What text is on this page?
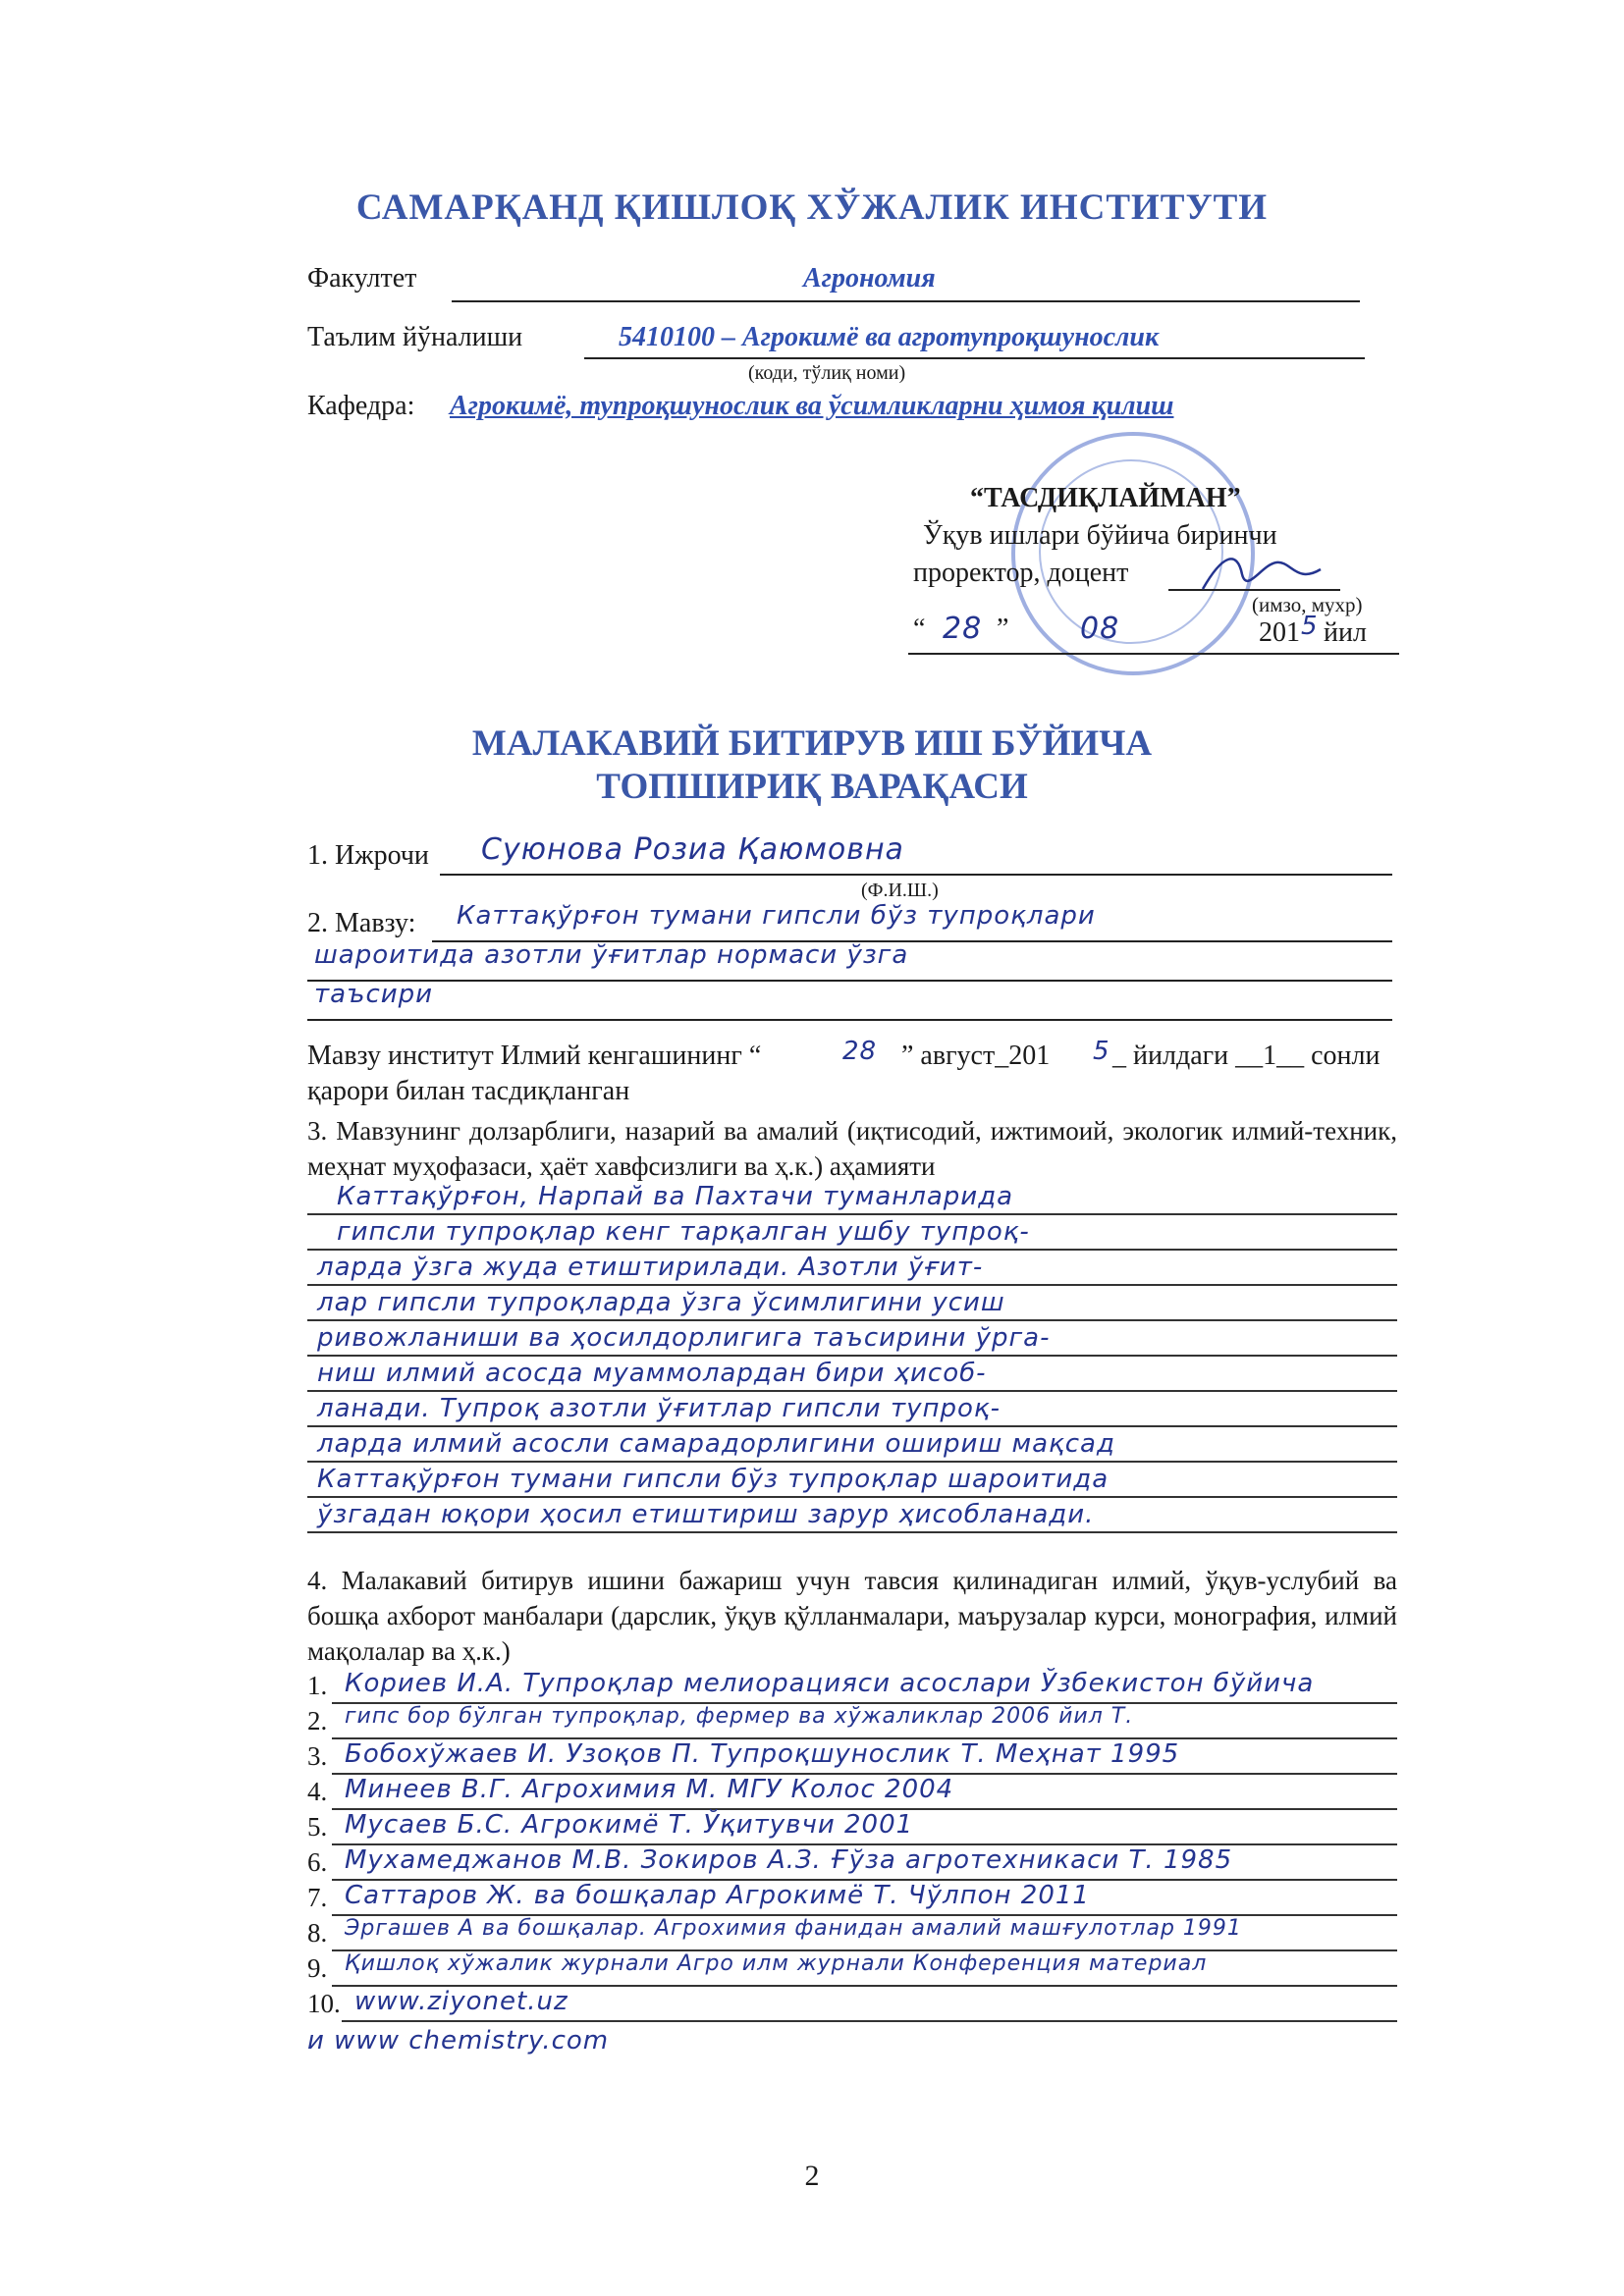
САМАРҚАНД ҚИШЛОҚ ХЎЖАЛИК ИНСТИТУТИ
Факултет	Агрономия
Таълим йўналиши	5410100 – Агрокимё ва агротупроқшунослик
(коди, тўлиқ номи)
Кафедра: Агрокимё, тупроқшунослик ва ўсимликларни ҳимоя қилиш
“ТАСДИҚЛАЙМАН”
Ўқув ишлари бўйича биринчи
проректор, доцент
(имзо, мухр)
“ 28 ” 08	201 5 йил
МАЛАКАВИЙ БИТИРУВ ИШ БЎЙИЧА
ТОПШИРИҚ ВАРАҚАСИ
1. Ижрочи Суюнова Розиа Қаюмовна
(Ф.И.Ш.)
2. Мавзу: Каттақўрғон тумани гипсли бўз тупроқлари
шароитида азотли ўғитлар нормаси ўзга
таъсири
Мавзу институт Илмий кенгашининг “	28 ” август_201 5 _ йилдаги __1__ сонли
қарори билан тасдиқланган
3. Мавзунинг долзарблиги, назарий ва амалий (иқтисодий, ижтимоий, экологик илмий-техник, меҳнат муҳофазаси, ҳаёт хавфсизлиги ва ҳ.к.) аҳамияти
Каттақўрғон, Нарпай ва Пахтачи туманларида
гипсли тупроқлар кенг тарқалган ушбу тупроқ-
ларда ўзга жуда етиштирилади. Азотли ўғит-
лар гипсли тупроқларда ўзга ўсимлигини усиш
ривожланиши ва ҳосилдорлигига таъсирини ўрга-
ниш илмий асосда муаммолардан бири ҳисоб-
ланади. Тупроқ азотли ўғитлар гипсли тупроқ-
ларда илмий асосли самарадорлигини ошириш мақсад
Каттақўрғон тумани гипсли бўз тупроқлар шароитида
ўзгадан юқори ҳосил етиштириш зарур ҳисобланади.
4. Малакавий битирув ишини бажариш учун тавсия қилинадиган илмий, ўқув-услубий ва бошқа ахборот манбалари (дарслик, ўқув қўлланмалари, маърузалар курси, монография, илмий мақолалар ва ҳ.к.)
1. Кориев И.А. Тупроқлар мелиорацияси асослари Ўзбекистон бўйича
2. гипс бор бўлган тупроқлар, фермер ва хўжаликлар 2006 йил Т.
3. Бобохўжаев И. Узоқов П. Тупроқшунослик Т. Меҳнат 1995
4. Минеев В.Г. Агрохимия М. МГУ Колос 2004
5. Мусаев Б.С. Агрокимё Т. Ўқитувчи 2001
6. Мухамеджанов М.В. Зокиров А.З. Ғўза агротехникаси Т. 1985
7. Саттаров Ж. ва бошқалар Агрокимё Т. Чўлпон 2011
8. Эргашев А ва бошқалар. Агрохимия фанидан амалий машғулотлар 1991
9. Қишлоқ хўжалик журнали Агро илм журнали Конференция материал
10. www.ziyonet.uz
и www chemistry.com
2
